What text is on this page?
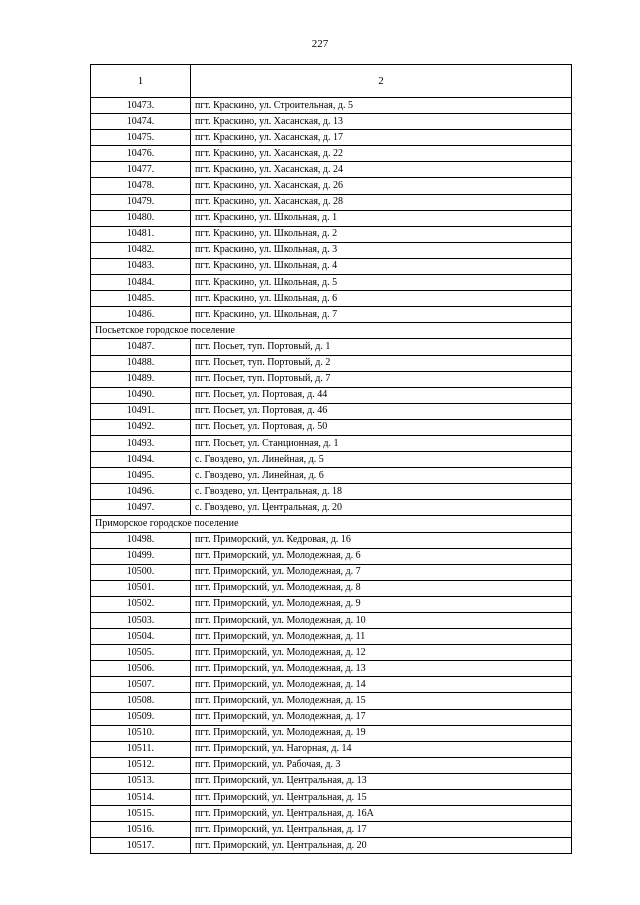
227
1	2
10473.	пгт. Краскино, ул. Строительная, д. 5
10474.	пгт. Краскино, ул. Хасанская, д. 13
10475.	пгт. Краскино, ул. Хасанская, д. 17
10476.	пгт. Краскино, ул. Хасанская, д. 22
10477.	пгт. Краскино, ул. Хасанская, д. 24
10478.	пгт. Краскино, ул. Хасанская, д. 26
10479.	пгт. Краскино, ул. Хасанская, д. 28
10480.	пгт. Краскино, ул. Школьная, д. 1
10481.	пгт. Краскино, ул. Школьная, д. 2
10482.	пгт. Краскино, ул. Школьная, д. 3
10483.	пгт. Краскино, ул. Школьная, д. 4
10484.	пгт. Краскино, ул. Школьная, д. 5
10485.	пгт. Краскино, ул. Школьная, д. 6
10486.	пгт. Краскино, ул. Школьная, д. 7
Посьетское городское поселение	
10487.	пгт. Посьет, туп. Портовый, д. 1
10488.	пгт. Посьет, туп. Портовый, д. 2
10489.	пгт. Посьет, туп. Портовый, д. 7
10490.	пгт. Посьет, ул. Портовая, д. 44
10491.	пгт. Посьет, ул. Портовая, д. 46
10492.	пгт. Посьет, ул. Портовая, д. 50
10493.	пгт. Посьет, ул. Станционная, д. 1
10494.	с. Гвоздево, ул. Линейная, д. 5
10495.	с. Гвоздево, ул. Линейная, д. 6
10496.	с. Гвоздево, ул. Центральная, д. 18
10497.	с. Гвоздево, ул. Центральная, д. 20
Приморское городское поселение	
10498.	пгт. Приморский, ул. Кедровая, д. 16
10499.	пгт. Приморский, ул. Молодежная, д. 6
10500.	пгт. Приморский, ул. Молодежная, д. 7
10501.	пгт. Приморский, ул. Молодежная, д. 8
10502.	пгт. Приморский, ул. Молодежная, д. 9
10503.	пгт. Приморский, ул. Молодежная, д. 10
10504.	пгт. Приморский, ул. Молодежная, д. 11
10505.	пгт. Приморский, ул. Молодежная, д. 12
10506.	пгт. Приморский, ул. Молодежная, д. 13
10507.	пгт. Приморский, ул. Молодежная, д. 14
10508.	пгт. Приморский, ул. Молодежная, д. 15
10509.	пгт. Приморский, ул. Молодежная, д. 17
10510.	пгт. Приморский, ул. Молодежная, д. 19
10511.	пгт. Приморский, ул. Нагорная, д. 14
10512.	пгт. Приморский, ул. Рабочая, д. 3
10513.	пгт. Приморский, ул. Центральная, д. 13
10514.	пгт. Приморский, ул. Центральная, д. 15
10515.	пгт. Приморский, ул. Центральная, д. 16А
10516.	пгт. Приморский, ул. Центральная, д. 17
10517.	пгт. Приморский, ул. Центральная, д. 20
